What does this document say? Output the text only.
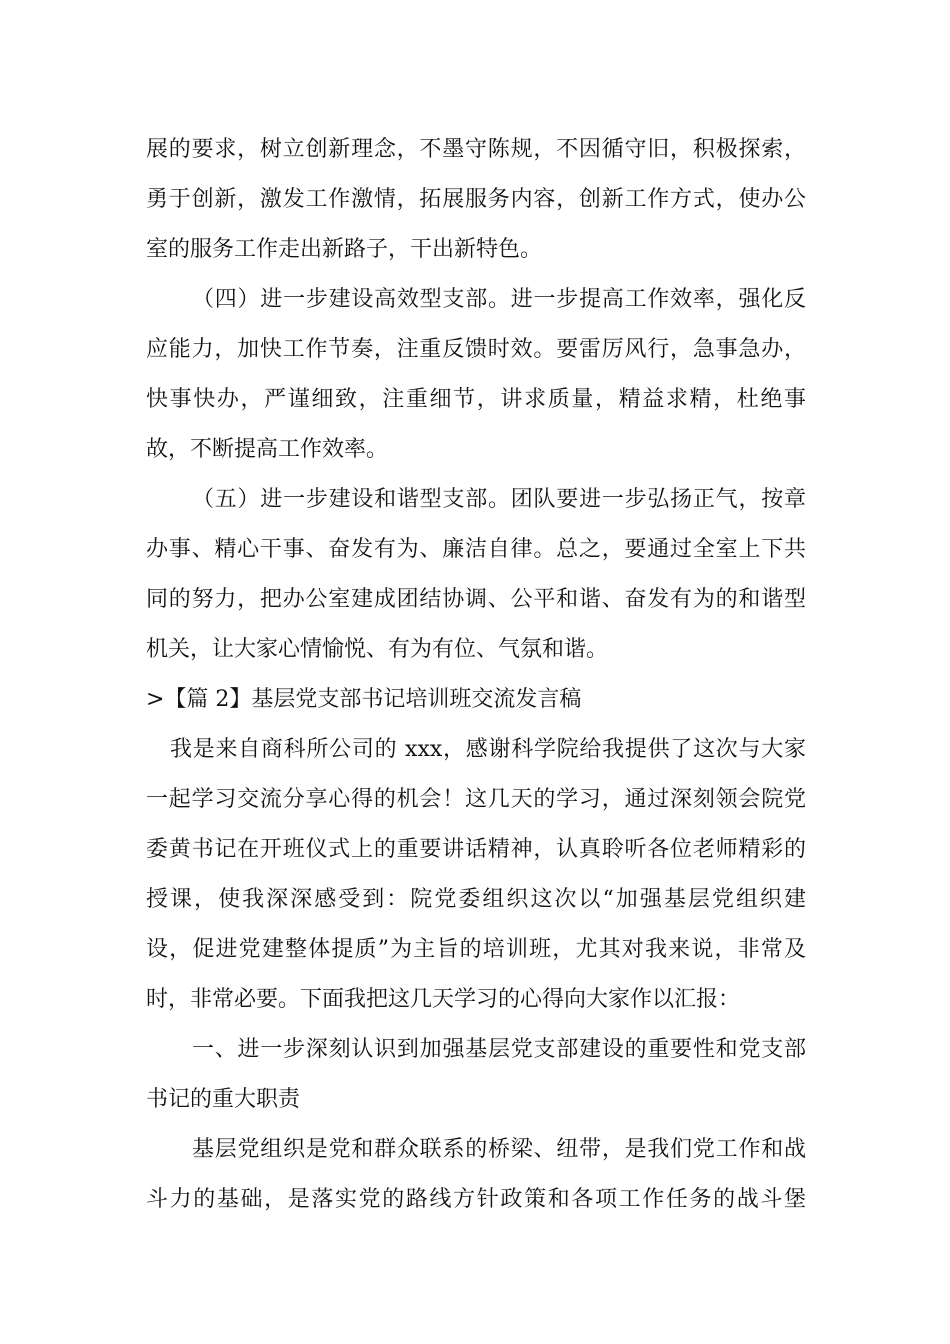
展的要求，树立创新理念，不墨守陈规，不因循守旧，积极探索，
勇于创新，激发工作激情，拓展服务内容，创新工作方式，使办公
室的服务工作走出新路子，干出新特色。
（四）进一步建设高效型支部。进一步提高工作效率，强化反
应能力，加快工作节奏，注重反馈时效。要雷厉风行，急事急办，
快事快办，严谨细致，注重细节，讲求质量，精益求精，杜绝事
故，不断提高工作效率。
（五）进一步建设和谐型支部。团队要进一步弘扬正气，按章
办事、精心干事、奋发有为、廉洁自律。总之，要通过全室上下共
同的努力，把办公室建成团结协调、公平和谐、奋发有为的和谐型
机关，让大家心情愉悦、有为有位、气氛和谐。
>【篇 2】基层党支部书记培训班交流发言稿
我是来自商科所公司的 xxx，感谢科学院给我提供了这次与大家
一起学习交流分享心得的机会！这几天的学习，通过深刻领会院党
委黄书记在开班仪式上的重要讲话精神，认真聆听各位老师精彩的
授课，使我深深感受到：院党委组织这次以“加强基层党组织建
设，促进党建整体提质”为主旨的培训班，尤其对我来说，非常及
时，非常必要。下面我把这几天学习的心得向大家作以汇报：
一、进一步深刻认识到加强基层党支部建设的重要性和党支部
书记的重大职责
基层党组织是党和群众联系的桥梁、纽带，是我们党工作和战
斗力的基础，是落实党的路线方针政策和各项工作任务的战斗堡
